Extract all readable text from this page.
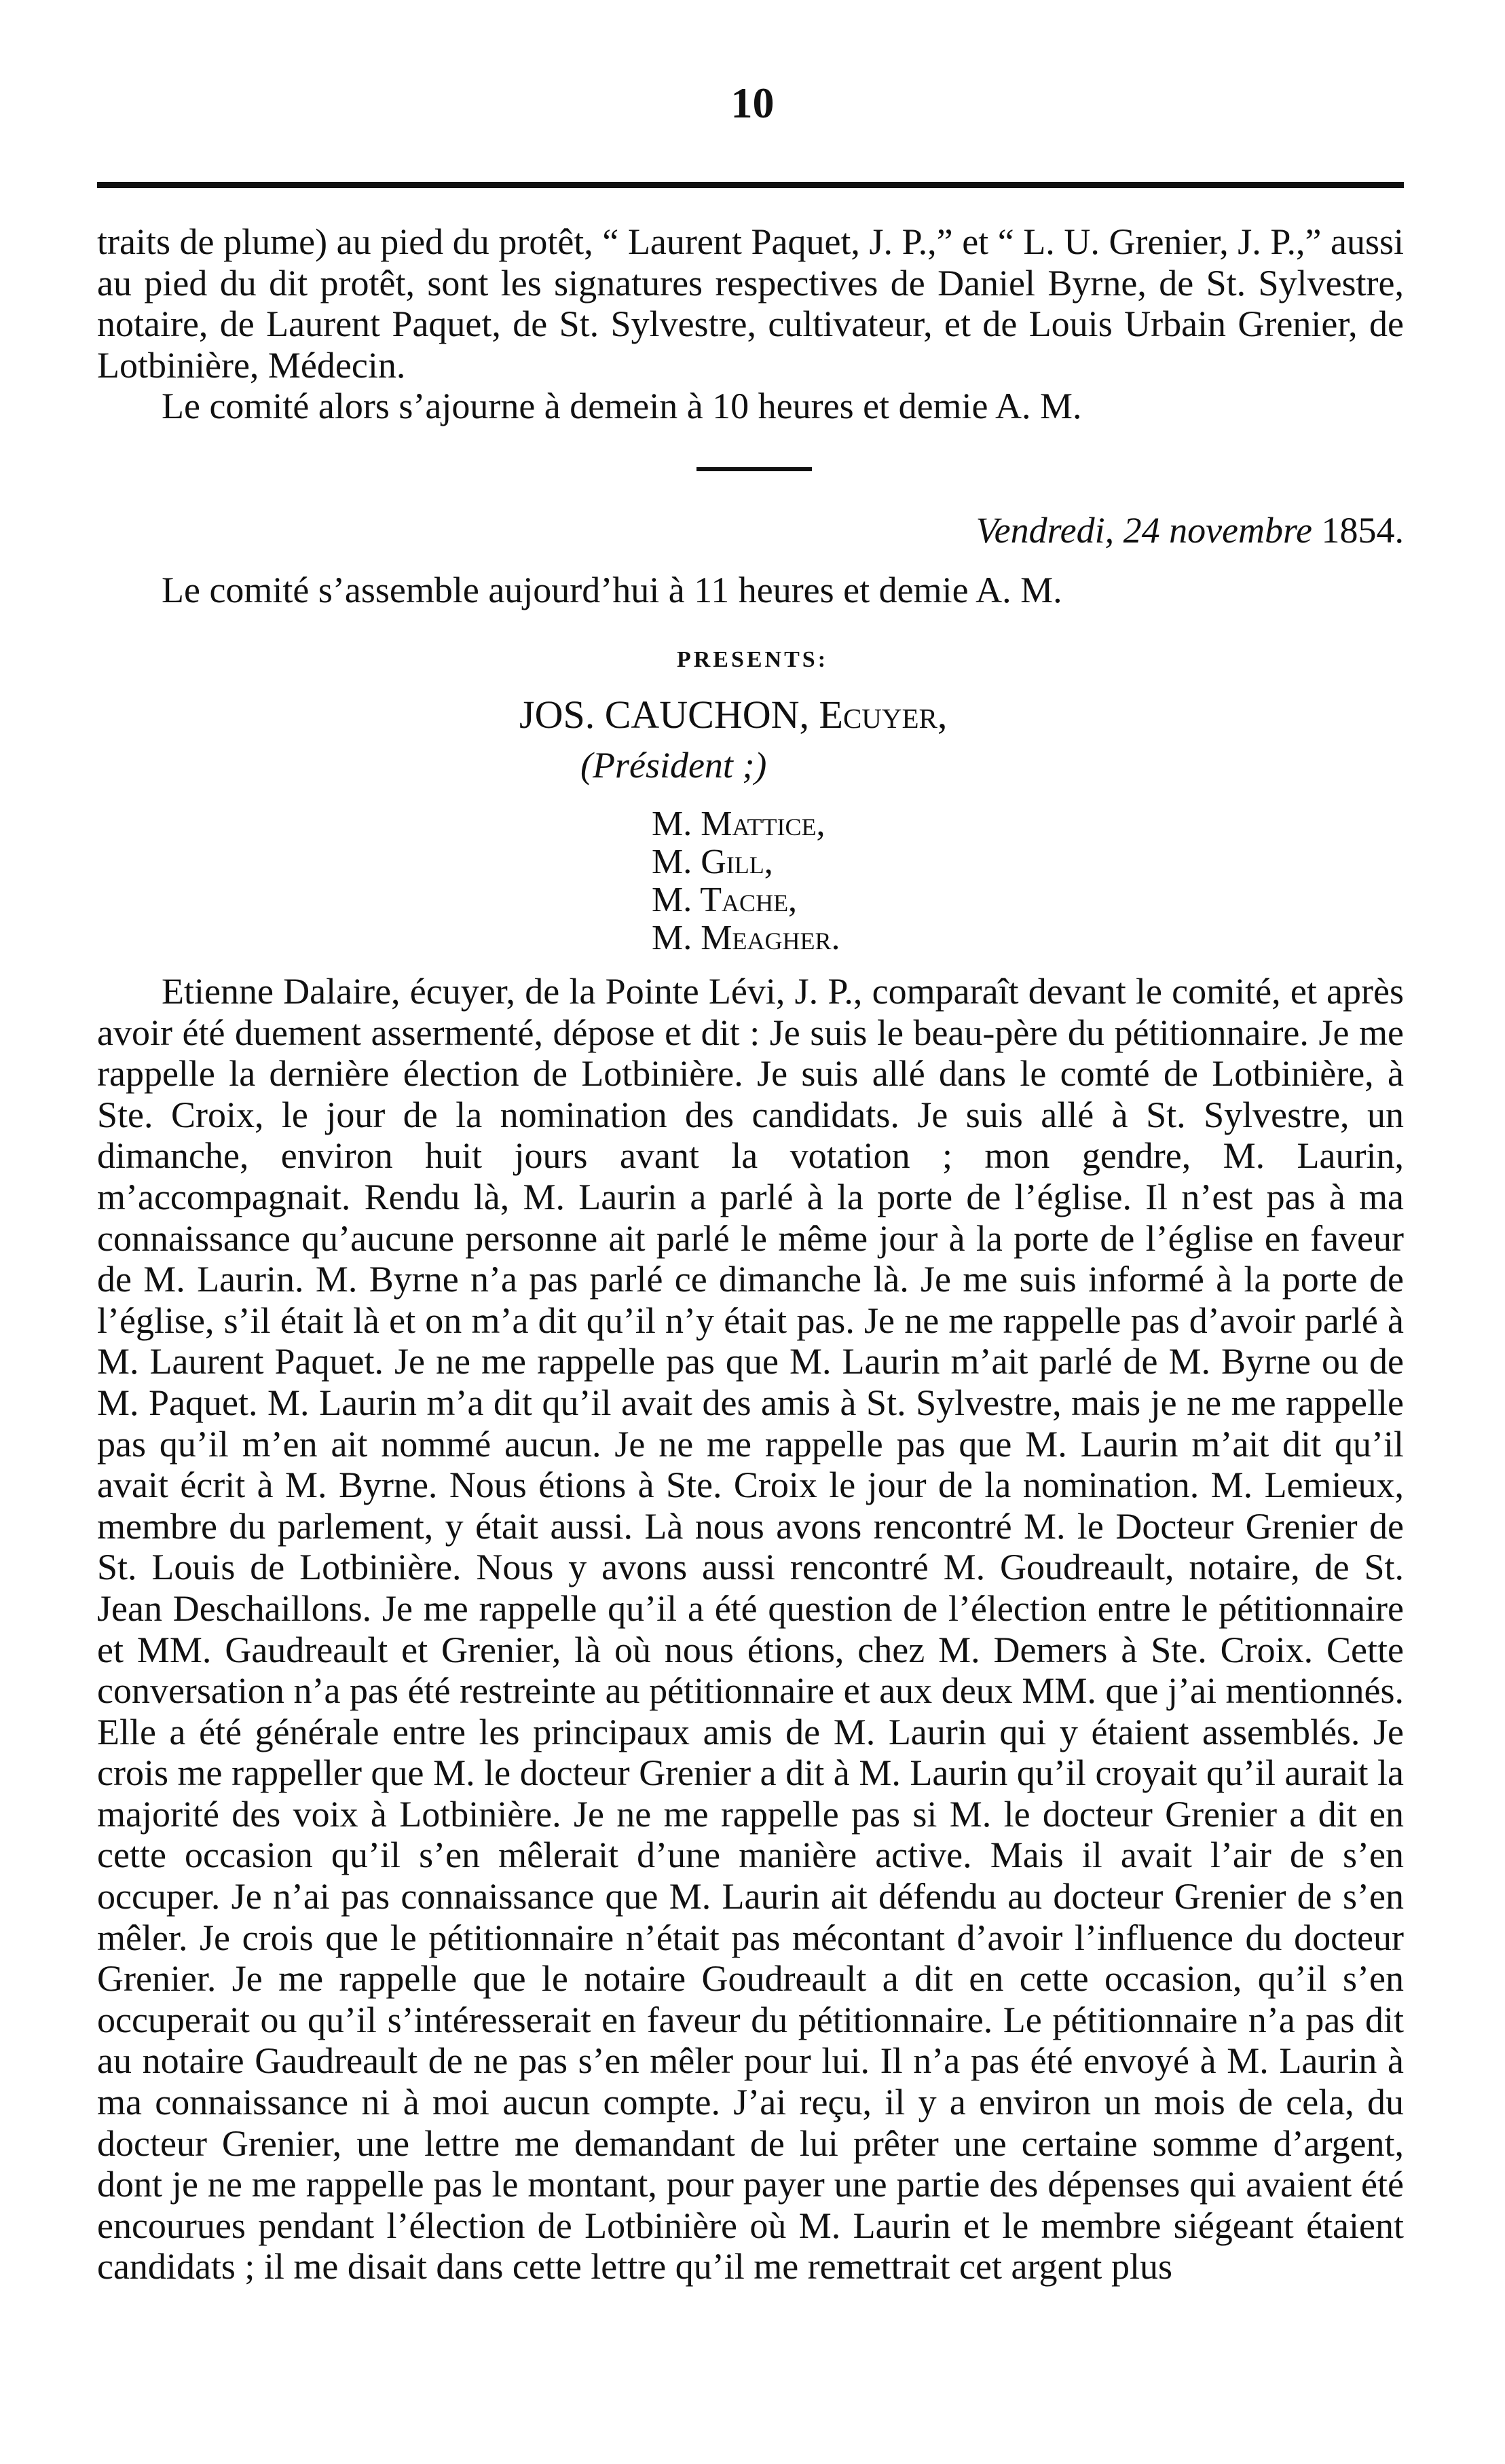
10

traits de plume) au pied du protêt, “ Laurent Paquet, J. P.,” et “ L. U. Grenier, J. P.,” aussi au pied du dit protêt, sont les signatures respectives de Daniel Byrne, de St. Sylvestre, notaire, de Laurent Paquet, de St. Sylvestre, cultivateur, et de Louis Urbain Grenier, de Lotbinière, Médecin.

Le comité alors s’ajourne à demein à 10 heures et demie A. M.

Vendredi, 24 novembre 1854.
Le comité s’assemble aujourd’hui à 11 heures et demie A. M.
PRESENTS:
JOS. CAUCHON, Ecuyer,
(Président ;)
M. Mattice,
M. Gill,
M. Tache,
M. Meagher.

Etienne Dalaire, écuyer, de la Pointe Lévi, J. P., comparaît devant le comité, et après avoir été duement assermenté, dépose et dit : Je suis le beau-père du pétitionnaire. Je me rappelle la dernière élection de Lotbinière. Je suis allé dans le comté de Lotbinière, à Ste. Croix, le jour de la nomination des candidats. Je suis allé à St. Sylvestre, un dimanche, environ huit jours avant la votation ; mon gendre, M. Laurin, m’accompagnait. Rendu là, M. Laurin a parlé à la porte de l’église. Il n’est pas à ma connaissance qu’aucune personne ait parlé le même jour à la porte de l’église en faveur de M. Laurin. M. Byrne n’a pas parlé ce dimanche là. Je me suis informé à la porte de l’église, s’il était là et on m’a dit qu’il n’y était pas. Je ne me rappelle pas d’avoir parlé à M. Laurent Paquet. Je ne me rappelle pas que M. Laurin m’ait parlé de M. Byrne ou de M. Paquet. M. Laurin m’a dit qu’il avait des amis à St. Sylvestre, mais je ne me rappelle pas qu’il m’en ait nommé aucun. Je ne me rappelle pas que M. Laurin m’ait dit qu’il avait écrit à M. Byrne. Nous étions à Ste. Croix le jour de la nomination. M. Lemieux, membre du parlement, y était aussi. Là nous avons rencontré M. le Docteur Grenier de St. Louis de Lotbinière. Nous y avons aussi rencontré M. Goudreault, notaire, de St. Jean Deschaillons. Je me rappelle qu’il a été question de l’élection entre le pétitionnaire et MM. Gaudreault et Grenier, là où nous étions, chez M. Demers à Ste. Croix. Cette conversation n’a pas été restreinte au pétitionnaire et aux deux MM. que j’ai mentionnés. Elle a été générale entre les principaux amis de M. Laurin qui y étaient assemblés. Je crois me rappeller que M. le docteur Grenier a dit à M. Laurin qu’il croyait qu’il aurait la majorité des voix à Lotbinière. Je ne me rappelle pas si M. le docteur Grenier a dit en cette occasion qu’il s’en mêlerait d’une manière active. Mais il avait l’air de s’en occuper. Je n’ai pas connaissance que M. Laurin ait défendu au docteur Grenier de s’en mêler. Je crois que le pétitionnaire n’était pas mécontant d’avoir l’influence du docteur Grenier. Je me rappelle que le notaire Goudreault a dit en cette occasion, qu’il s’en occuperait ou qu’il s’intéresserait en faveur du pétitionnaire. Le pétitionnaire n’a pas dit au notaire Gaudreault de ne pas s’en mêler pour lui. Il n’a pas été envoyé à M. Laurin à ma connaissance ni à moi aucun compte. J’ai reçu, il y a environ un mois de cela, du docteur Grenier, une lettre me demandant de lui prêter une certaine somme d’argent, dont je ne me rappelle pas le montant, pour payer une partie des dépenses qui avaient été encourues pendant l’élection de Lotbinière où M. Laurin et le membre siégeant étaient candidats ; il me disait dans cette lettre qu’il me remettrait cet argent plus
